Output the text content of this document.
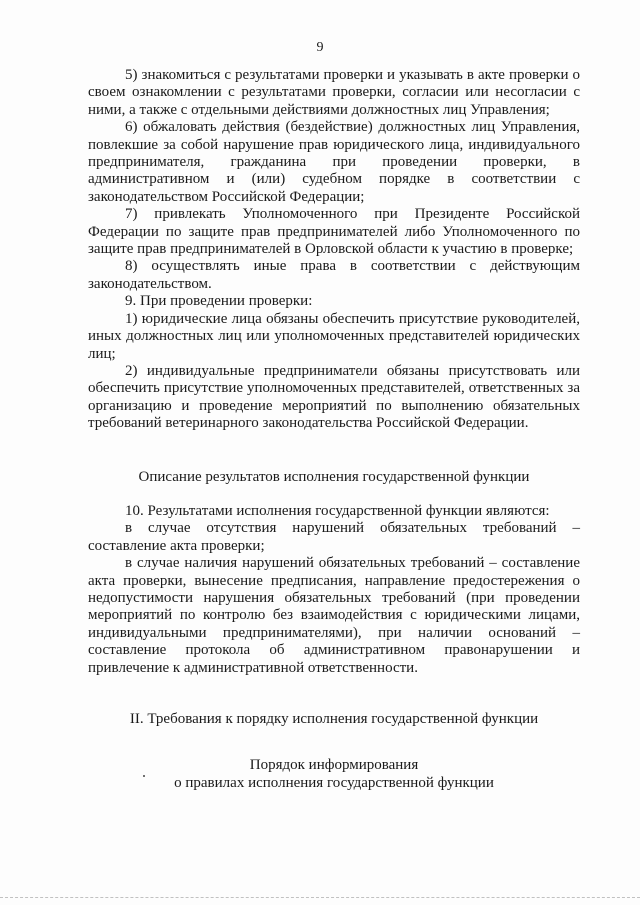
9

5) знакомиться с результатами проверки и указывать в акте проверки о своем ознакомлении с результатами проверки, согласии или несогласии с ними, а также с отдельными действиями должностных лиц Управления;

6) обжаловать действия (бездействие) должностных лиц Управления, повлекшие за собой нарушение прав юридического лица, индивидуального предпринимателя, гражданина при проведении проверки, в административном и (или) судебном порядке в соответствии с законодательством Российской Федерации;

7) привлекать Уполномоченного при Президенте Российской Федерации по защите прав предпринимателей либо Уполномоченного по защите прав предпринимателей в Орловской области к участию в проверке;

8) осуществлять иные права в соответствии с действующим законодательством.

9. При проведении проверки:

1) юридические лица обязаны обеспечить присутствие руководителей, иных должностных лиц или уполномоченных представителей юридических лиц;

2) индивидуальные предприниматели обязаны присутствовать или обеспечить присутствие уполномоченных представителей, ответственных за организацию и проведение мероприятий по выполнению обязательных требований ветеринарного законодательства Российской Федерации.

Описание результатов исполнения государственной функции

10. Результатами исполнения государственной функции являются:

в случае отсутствия нарушений обязательных требований – составление акта проверки;

в случае наличия нарушений обязательных требований – составление акта проверки, вынесение предписания, направление предостережения о недопустимости нарушения обязательных требований (при проведении мероприятий по контролю без взаимодействия с юридическими лицами, индивидуальными предпринимателями), при наличии оснований – составление протокола об административном правонарушении и привлечение к административной ответственности.

II. Требования к порядку исполнения государственной функции

Порядок информирования

о правилах исполнения государственной функции
